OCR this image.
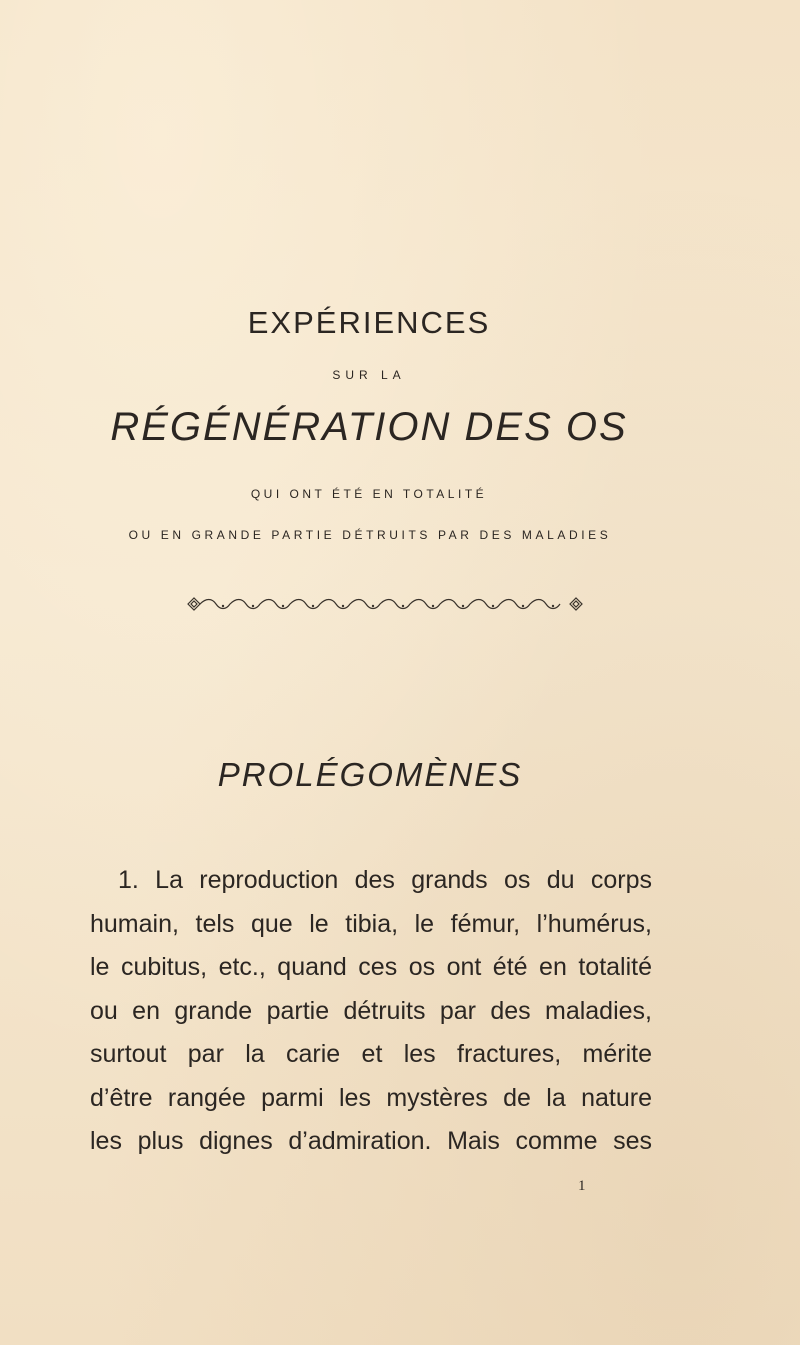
EXPÉRIENCES
SUR LA
RÉGÉNÉRATION DES OS
QUI ONT ÉTÉ EN TOTALITÉ
OU EN GRANDE PARTIE DÉTRUITS PAR DES MALADIES
PROLÉGOMÈNES
1. La reproduction des grands os du corps
humain, tels que le tibia, le fémur, l’humérus,
le cubitus, etc., quand ces os ont été en totalité
ou en grande partie détruits par des maladies,
surtout par la carie et les fractures, mérite
d’être rangée parmi les mystères de la nature
les plus dignes d’admiration. Mais comme ses
1
